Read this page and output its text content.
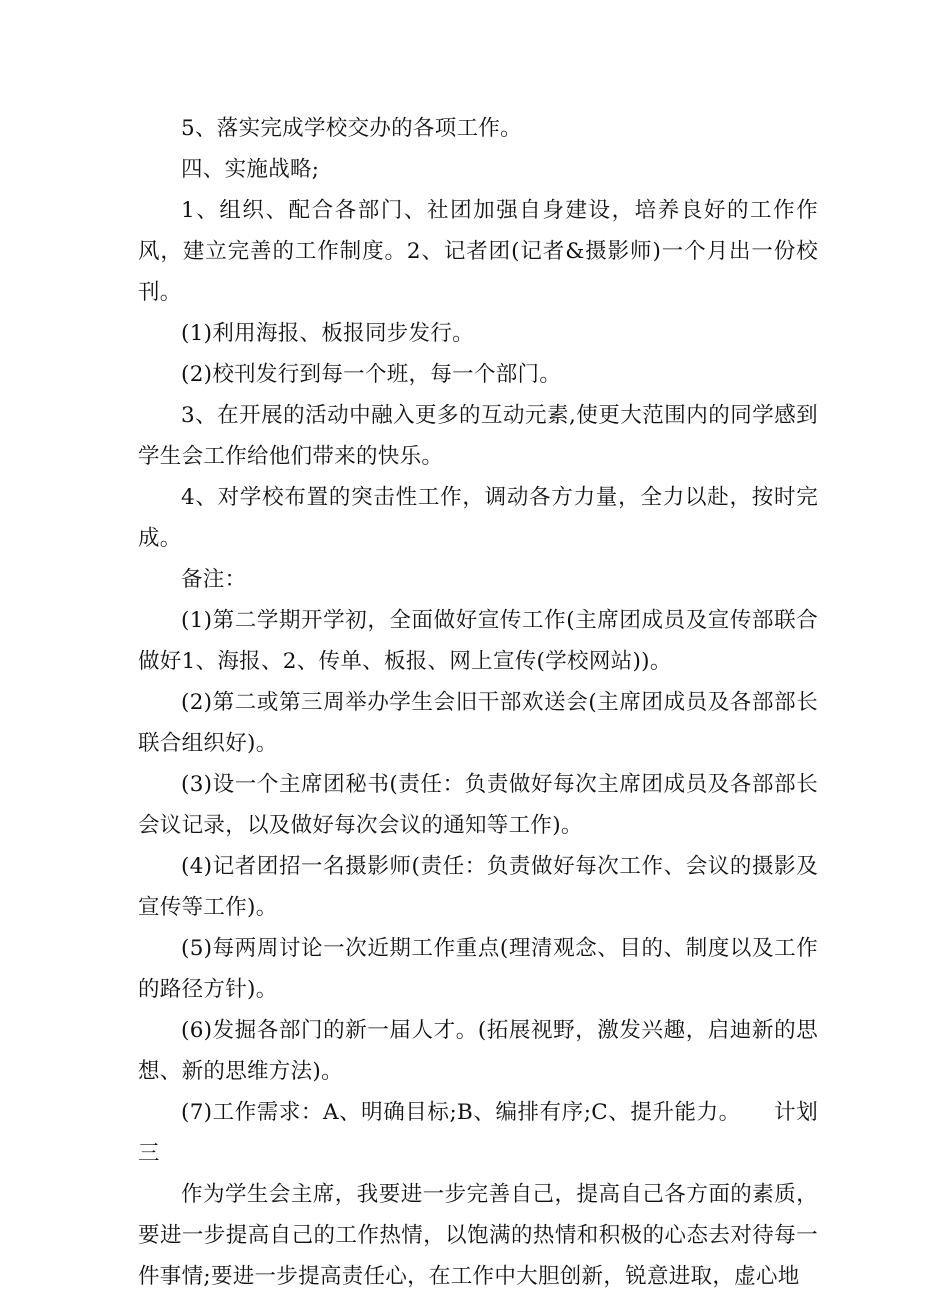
5、落实完成学校交办的各项工作。

四、实施战略;

1、组织、配合各部门、社团加强自身建设，培养良好的工作作风，建立完善的工作制度。2、记者团(记者&摄影师)一个月出一份校刊。

(1)利用海报、板报同步发行。

(2)校刊发行到每一个班，每一个部门。

3、在开展的活动中融入更多的互动元素,使更大范围内的同学感到学生会工作给他们带来的快乐。

4、对学校布置的突击性工作，调动各方力量，全力以赴，按时完成。

备注：

(1)第二学期开学初，全面做好宣传工作(主席团成员及宣传部联合做好1、海报、2、传单、板报、网上宣传(学校网站))。

(2)第二或第三周举办学生会旧干部欢送会(主席团成员及各部部长联合组织好)。

(3)设一个主席团秘书(责任：负责做好每次主席团成员及各部部长会议记录，以及做好每次会议的通知等工作)。

(4)记者团招一名摄影师(责任：负责做好每次工作、会议的摄影及宣传等工作)。

(5)每两周讨论一次近期工作重点(理清观念、目的、制度以及工作的路径方针)。

(6)发掘各部门的新一届人才。(拓展视野，激发兴趣，启迪新的思想、新的思维方法)。

(7)工作需求：A、明确目标;B、编排有序;C、提升能力。　　计划三

作为学生会主席，我要进一步完善自己，提高自己各方面的素质，要进一步提高自己的工作热情，以饱满的热情和积极的心态去对待每一件事情;要进一步提高责任心，在工作中大胆创新，锐意进取，虚心地
